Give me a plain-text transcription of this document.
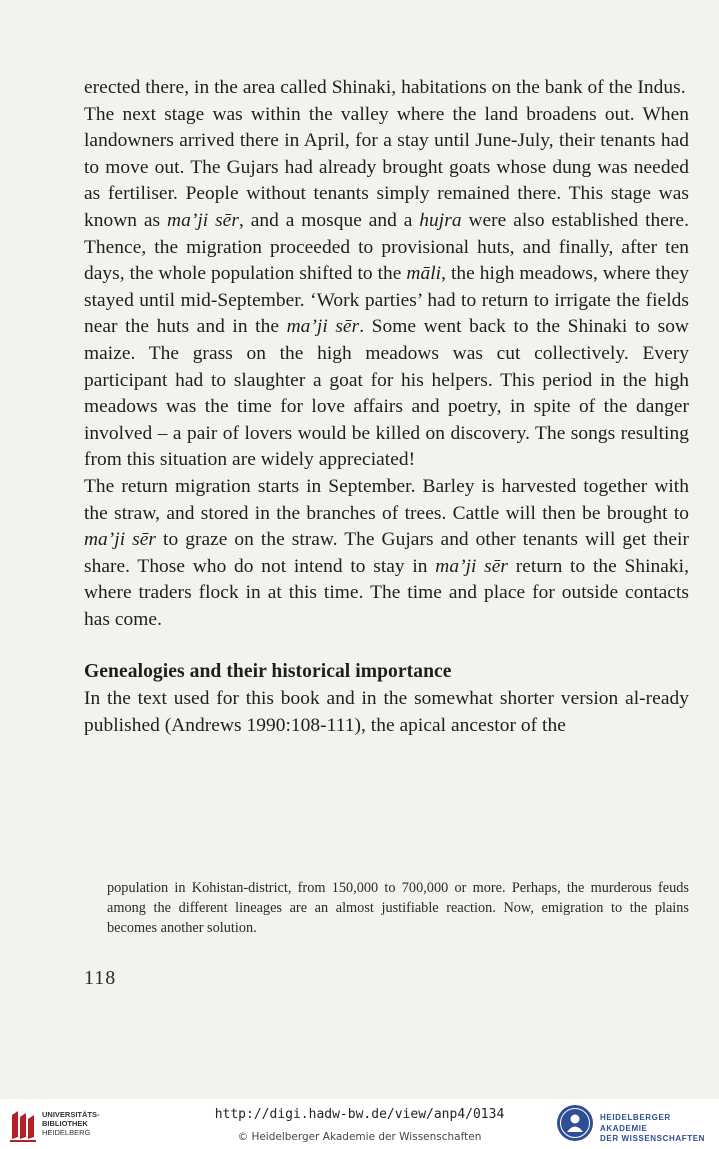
erected there, in the area called Shinaki, habitations on the bank of the Indus.

The next stage was within the valley where the land broadens out. When landowners arrived there in April, for a stay until June-July, their tenants had to move out. The Gujars had already brought goats whose dung was needed as fertiliser. People without tenants simply remained there. This stage was known as ma’ji sēr, and a mosque and a hujra were also established there. Thence, the migration proceeded to provisional huts, and finally, after ten days, the whole population shifted to the māli, the high meadows, where they stayed until mid-September. ‘Work parties’ had to return to irrigate the fields near the huts and in the ma’ji sēr. Some went back to the Shinaki to sow maize. The grass on the high meadows was cut collectively. Every participant had to slaughter a goat for his helpers. This period in the high meadows was the time for love affairs and poetry, in spite of the danger involved – a pair of lovers would be killed on discovery. The songs resulting from this situation are widely appreciated!

The return migration starts in September. Barley is harvested together with the straw, and stored in the branches of trees. Cattle will then be brought to ma’ji sēr to graze on the straw. The Gujars and other tenants will get their share. Those who do not intend to stay in ma’ji sēr return to the Shinaki, where traders flock in at this time. The time and place for outside contacts has come.

Genealogies and their historical importance

In the text used for this book and in the somewhat shorter version al-ready published (Andrews 1990:108-111), the apical ancestor of the

population in Kohistan-district, from 150,000 to 700,000 or more. Perhaps, the murderous feuds among the different lineages are an almost justifiable reaction. Now, emigration to the plains becomes another solution.
118
UNIVERSITÄTS-
BIBLIOTHEK
HEIDELBERG
http://digi.hadw-bw.de/view/anp4/0134
© Heidelberger Akademie der Wissenschaften
HEIDELBERGER AKADEMIE
DER WISSENSCHAFTEN
